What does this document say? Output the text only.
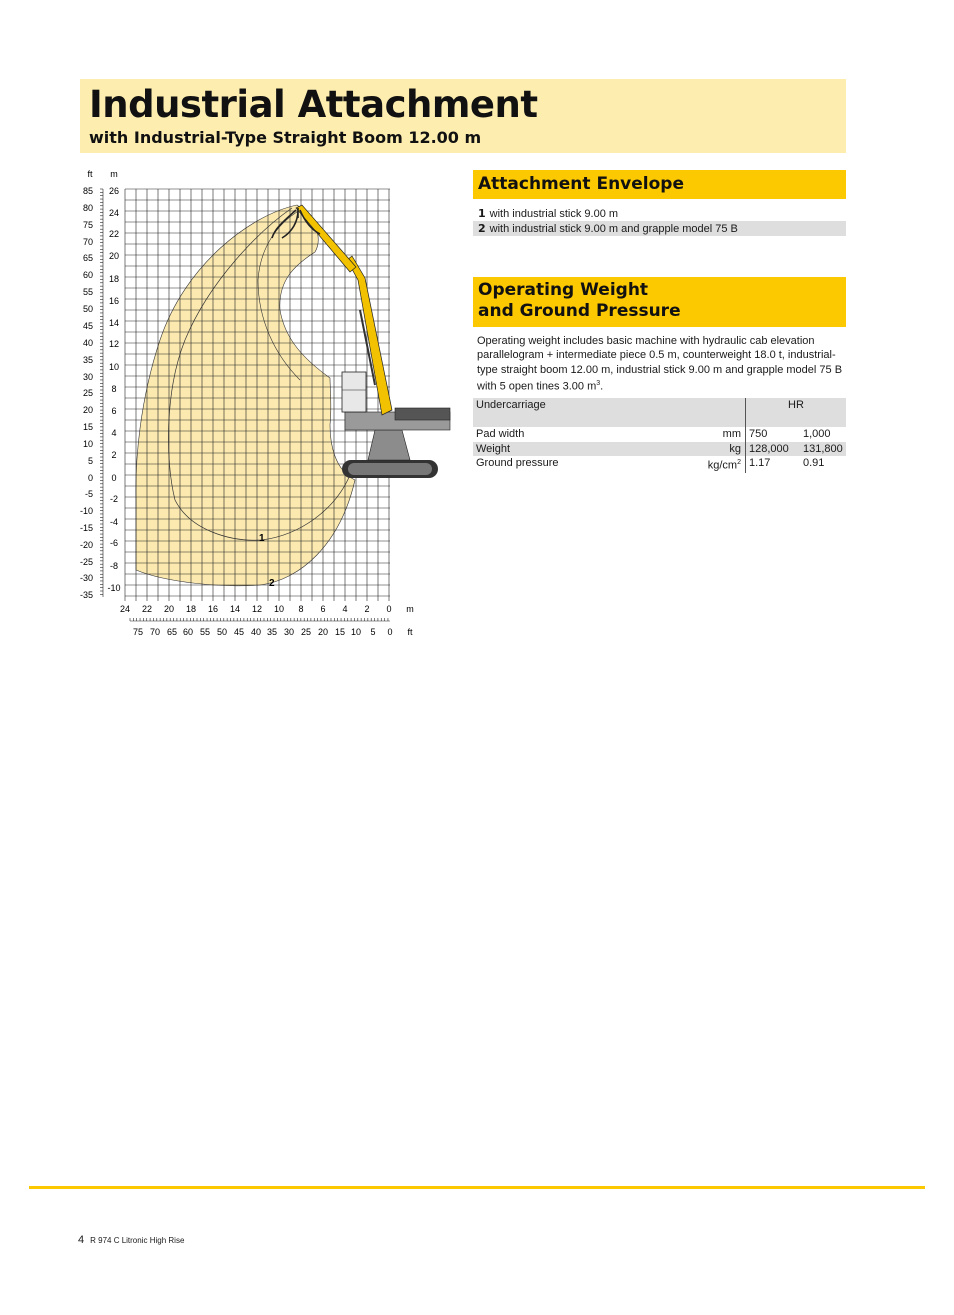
Industrial Attachment
with Industrial-Type Straight Boom 12.00 m
ft m
85
80
75
70
65
60
55
50
45
40
35
30
25
20
15
10
5
0
-5
-10
-15
-20
-25
-30
-35
26
24
22
20
18
16
14
12
10
8
6
4
2
0
-2
-4
-6
-8
-10
24 22 20 18 16 14 12 10 8 6 4 2 0 m
75 70 65 60 55 50 45 40 35 30 25 20 15 10 5 0 ft
1
2
Attachment Envelope
1 with industrial stick 9.00 m
2 with industrial stick 9.00 m and grapple model 75 B
Operating Weight
and Ground Pressure
Operating weight includes basic machine with hydraulic cab elevation parallelogram + intermediate piece 0.5 m, counterweight 18.0 t, industrial-type straight boom 12.00 m, industrial stick 9.00 m and grapple model 75 B with 5 open tines 3.00 $m^3$.
Undercarriage		HR	
Pad width	mm	750	1,000
Weight	kg	128,000	131,800
Ground pressure	$kg/cm^2$	1.17	0.91
4 R 974 C Litronic High Rise
